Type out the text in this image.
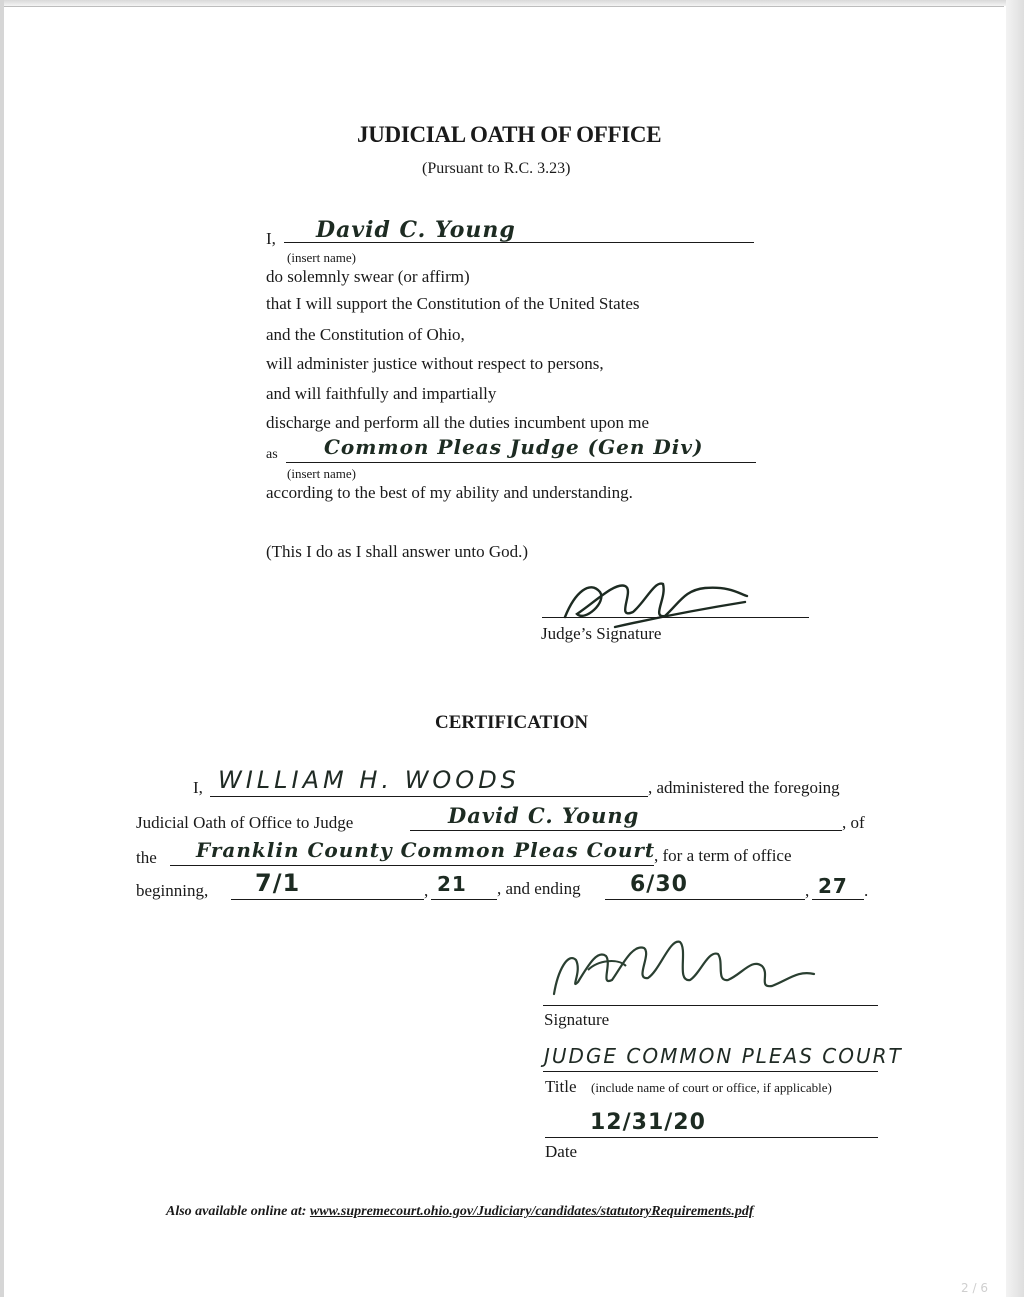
JUDICIAL OATH OF OFFICE
(Pursuant to R.C. 3.23)
I, David C. Young
(insert name)
do solemnly swear (or affirm)
that I will support the Constitution of the United States
and the Constitution of Ohio,
will administer justice without respect to persons,
and will faithfully and impartially
discharge and perform all the duties incumbent upon me
as Common Pleas Judge (Gen Div)
(insert name)
according to the best of my ability and understanding.
(This I do as I shall answer unto God.)
Judge’s Signature
CERTIFICATION
I, WILLIAM H. WOODS	, administered the foregoing
Judicial Oath of Office to Judge	David C. Young	, of
the Franklin County Common Pleas Court
, for a term of office
beginning, 7/1	, 21 , and ending 6/30	, 27 .
Signature
JUDGE COMMON PLEAS COURT
Title (include name of court or office, if applicable)
12/31/20
Date
Also available online at: www.supremecourt.ohio.gov/Judiciary/candidates/statutoryRequirements.pdf
2 / 6
